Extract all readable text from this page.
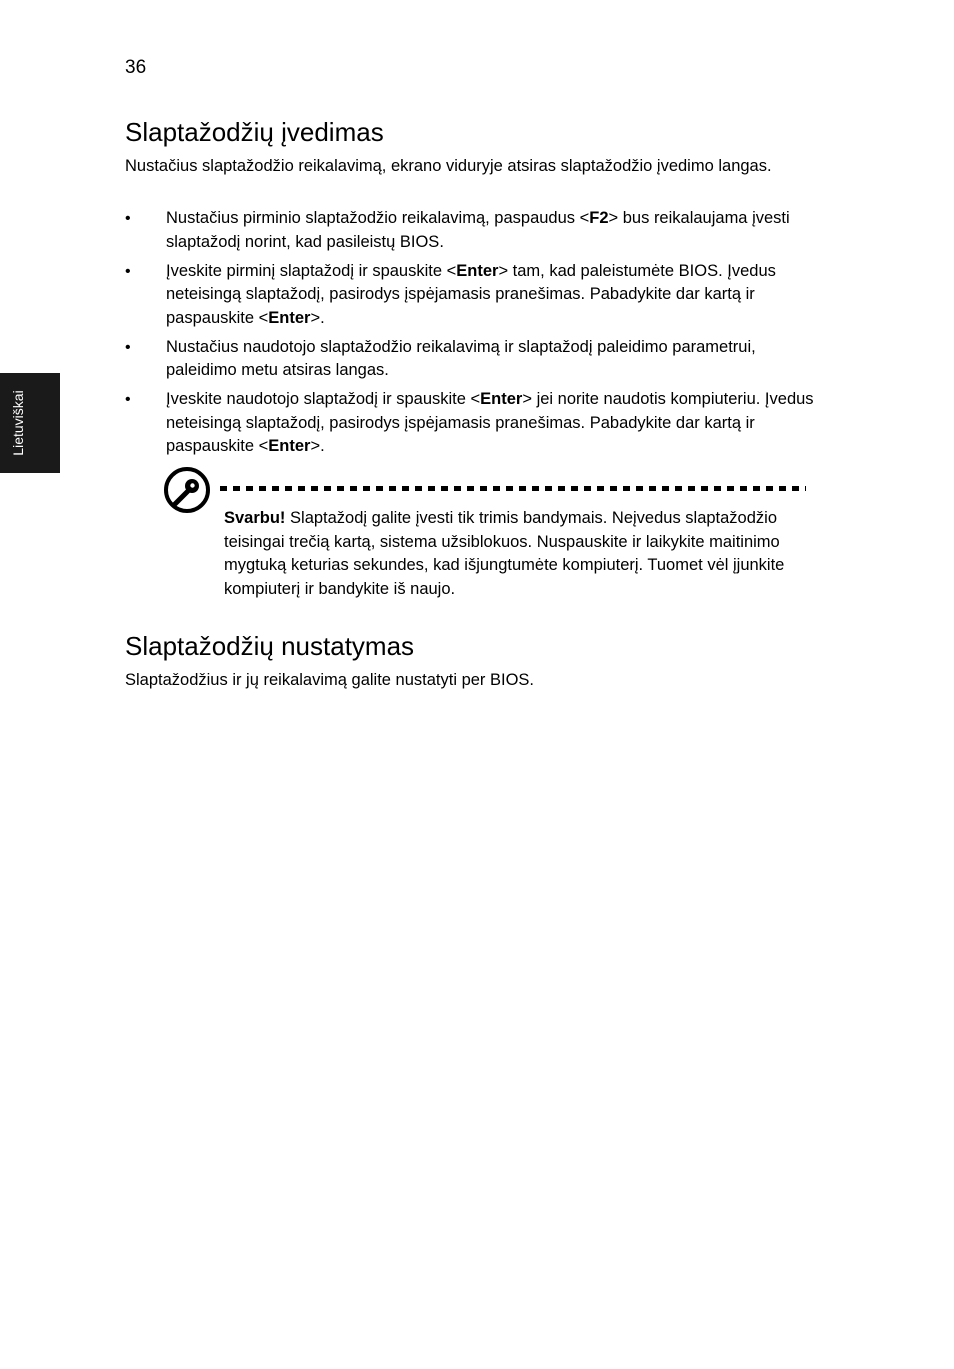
36
Lietuviškai
Slaptažodžių įvedimas

Nustačius slaptažodžio reikalavimą, ekrano viduryje atsiras slaptažodžio įvedimo langas.

• Nustačius pirminio slaptažodžio reikalavimą, paspaudus <F2> bus reikalaujama įvesti slaptažodį norint, kad pasileistų BIOS.
• Įveskite pirminį slaptažodį ir spauskite <Enter> tam, kad paleistumėte BIOS. Įvedus neteisingą slaptažodį, pasirodys įspėjamasis pranešimas. Pabadykite dar kartą ir paspauskite <Enter>.
• Nustačius naudotojo slaptažodžio reikalavimą ir slaptažodį paleidimo parametrui, paleidimo metu atsiras langas.
• Įveskite naudotojo slaptažodį ir spauskite <Enter> jei norite naudotis kompiuteriu. Įvedus neteisingą slaptažodį, pasirodys įspėjamasis pranešimas. Pabadykite dar kartą ir paspauskite <Enter>.

Svarbu! Slaptažodį galite įvesti tik trimis bandymais. Neįvedus slaptažodžio teisingai trečią kartą, sistema užsiblokuos. Nuspauskite ir laikykite maitinimo mygtuką keturias sekundes, kad išjungtumėte kompiuterį. Tuomet vėl įjunkite kompiuterį ir bandykite iš naujo.

Slaptažodžių nustatymas

Slaptažodžius ir jų reikalavimą galite nustatyti per BIOS.
